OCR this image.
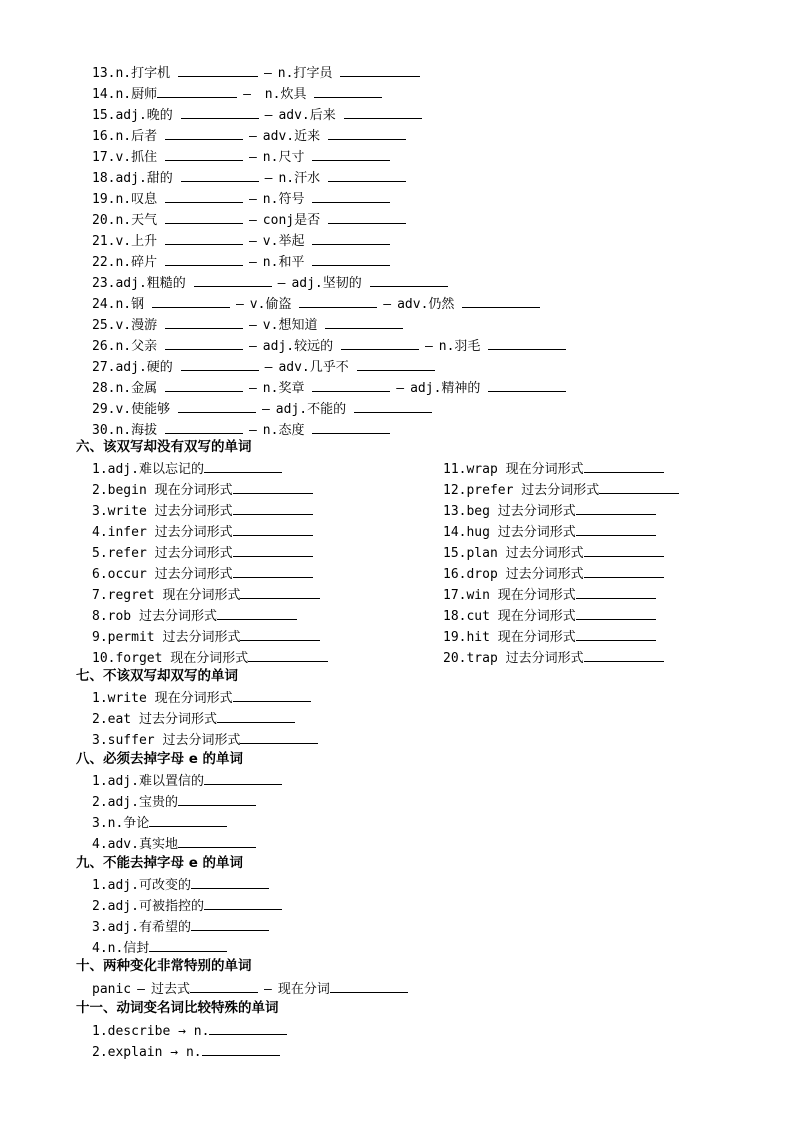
13.n.打字机	— n.打字员
14.n.厨师	— n.炊具
15.adj.晚的	— adv.后来
16.n.后者	— adv.近来
17.v.抓住	— n.尺寸
18.adj.甜的	— n.汗水
19.n.叹息	— n.符号
20.n.天气	— conj是否
21.v.上升	— v.举起
22.n.碎片	— n.和平
23.adj.粗糙的	— adj.坚韧的
24.n.钢	— v.偷盗	— adv.仍然
25.v.漫游	— v.想知道
26.n.父亲	— adj.较远的	— n.羽毛
27.adj.硬的	— adv.几乎不
28.n.金属	— n.奖章	— adj.精神的
29.v.使能够	— adj.不能的
30.n.海拔	— n.态度
六、该双写却没有双写的单词
1.adj.难以忘记的
2.begin 现在分词形式
3.write 过去分词形式
4.infer 过去分词形式
5.refer 过去分词形式
6.occur 过去分词形式
7.regret 现在分词形式
8.rob 过去分词形式
9.permit 过去分词形式
10.forget 现在分词形式
11.wrap 现在分词形式
12.prefer 过去分词形式
13.beg 过去分词形式
14.hug 过去分词形式
15.plan 过去分词形式
16.drop 过去分词形式
17.win 现在分词形式
18.cut 现在分词形式
19.hit 现在分词形式
20.trap 过去分词形式
七、不该双写却双写的单词
1.write 现在分词形式
2.eat 过去分词形式
3.suffer 过去分词形式
八、必须去掉字母 e 的单词
1.adj.难以置信的
2.adj.宝贵的
3.n.争论
4.adv.真实地
九、不能去掉字母 e 的单词
1.adj.可改变的
2.adj.可被指控的
3.adj.有希望的
4.n.信封
十、两种变化非常特别的单词
panic — 过去式	— 现在分词
十一、动词变名词比较特殊的单词
1.describe → n.
2.explain → n.
